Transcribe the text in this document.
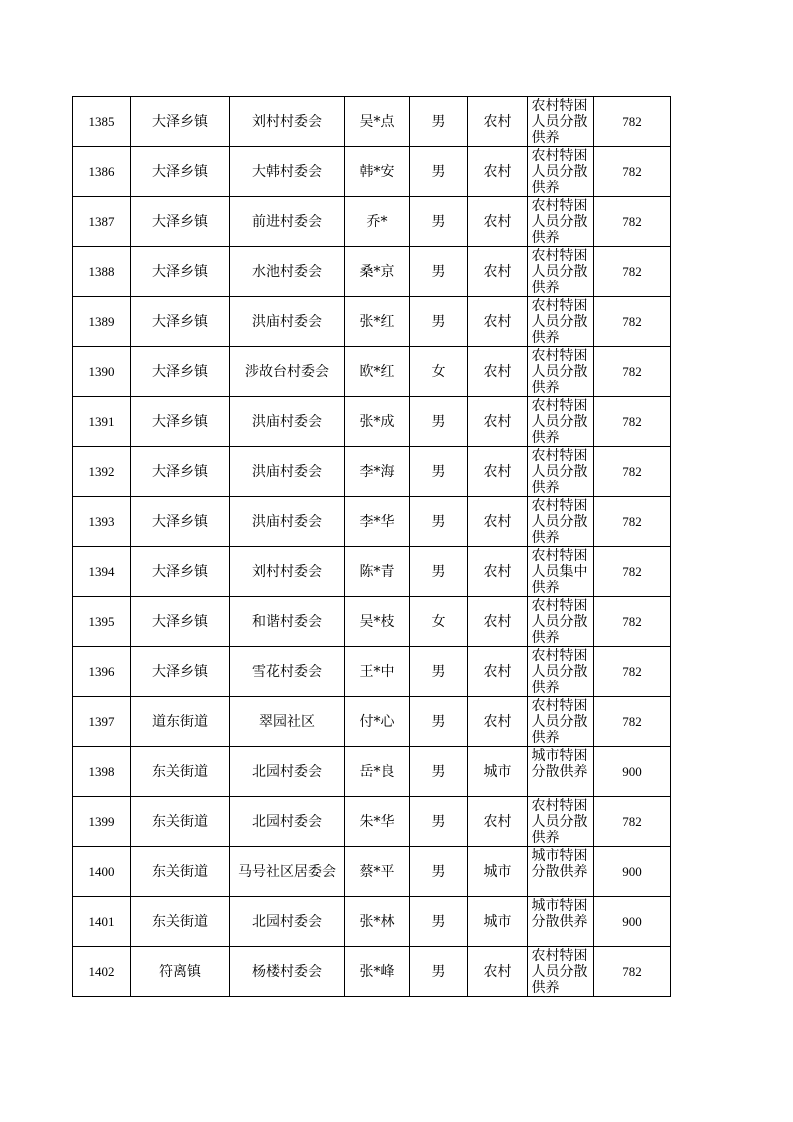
1385	大泽乡镇	刘村村委会	吴*点	男	农村	农村特困人员分散供养	782
1386	大泽乡镇	大韩村委会	韩*安	男	农村	农村特困人员分散供养	782
1387	大泽乡镇	前进村委会	乔*	男	农村	农村特困人员分散供养	782
1388	大泽乡镇	水池村委会	桑*京	男	农村	农村特困人员分散供养	782
1389	大泽乡镇	洪庙村委会	张*红	男	农村	农村特困人员分散供养	782
1390	大泽乡镇	涉故台村委会	欧*红	女	农村	农村特困人员分散供养	782
1391	大泽乡镇	洪庙村委会	张*成	男	农村	农村特困人员分散供养	782
1392	大泽乡镇	洪庙村委会	李*海	男	农村	农村特困人员分散供养	782
1393	大泽乡镇	洪庙村委会	李*华	男	农村	农村特困人员分散供养	782
1394	大泽乡镇	刘村村委会	陈*青	男	农村	农村特困人员集中供养	782
1395	大泽乡镇	和谐村委会	吴*枝	女	农村	农村特困人员分散供养	782
1396	大泽乡镇	雪花村委会	王*中	男	农村	农村特困人员分散供养	782
1397	道东街道	翠园社区	付*心	男	农村	农村特困人员分散供养	782
1398	东关街道	北园村委会	岳*良	男	城市	城市特困分散供养	900
1399	东关街道	北园村委会	朱*华	男	农村	农村特困人员分散供养	782
1400	东关街道	马号社区居委会	蔡*平	男	城市	城市特困分散供养	900
1401	东关街道	北园村委会	张*林	男	城市	城市特困分散供养	900
1402	符离镇	杨楼村委会	张*峰	男	农村	农村特困人员分散供养	782
